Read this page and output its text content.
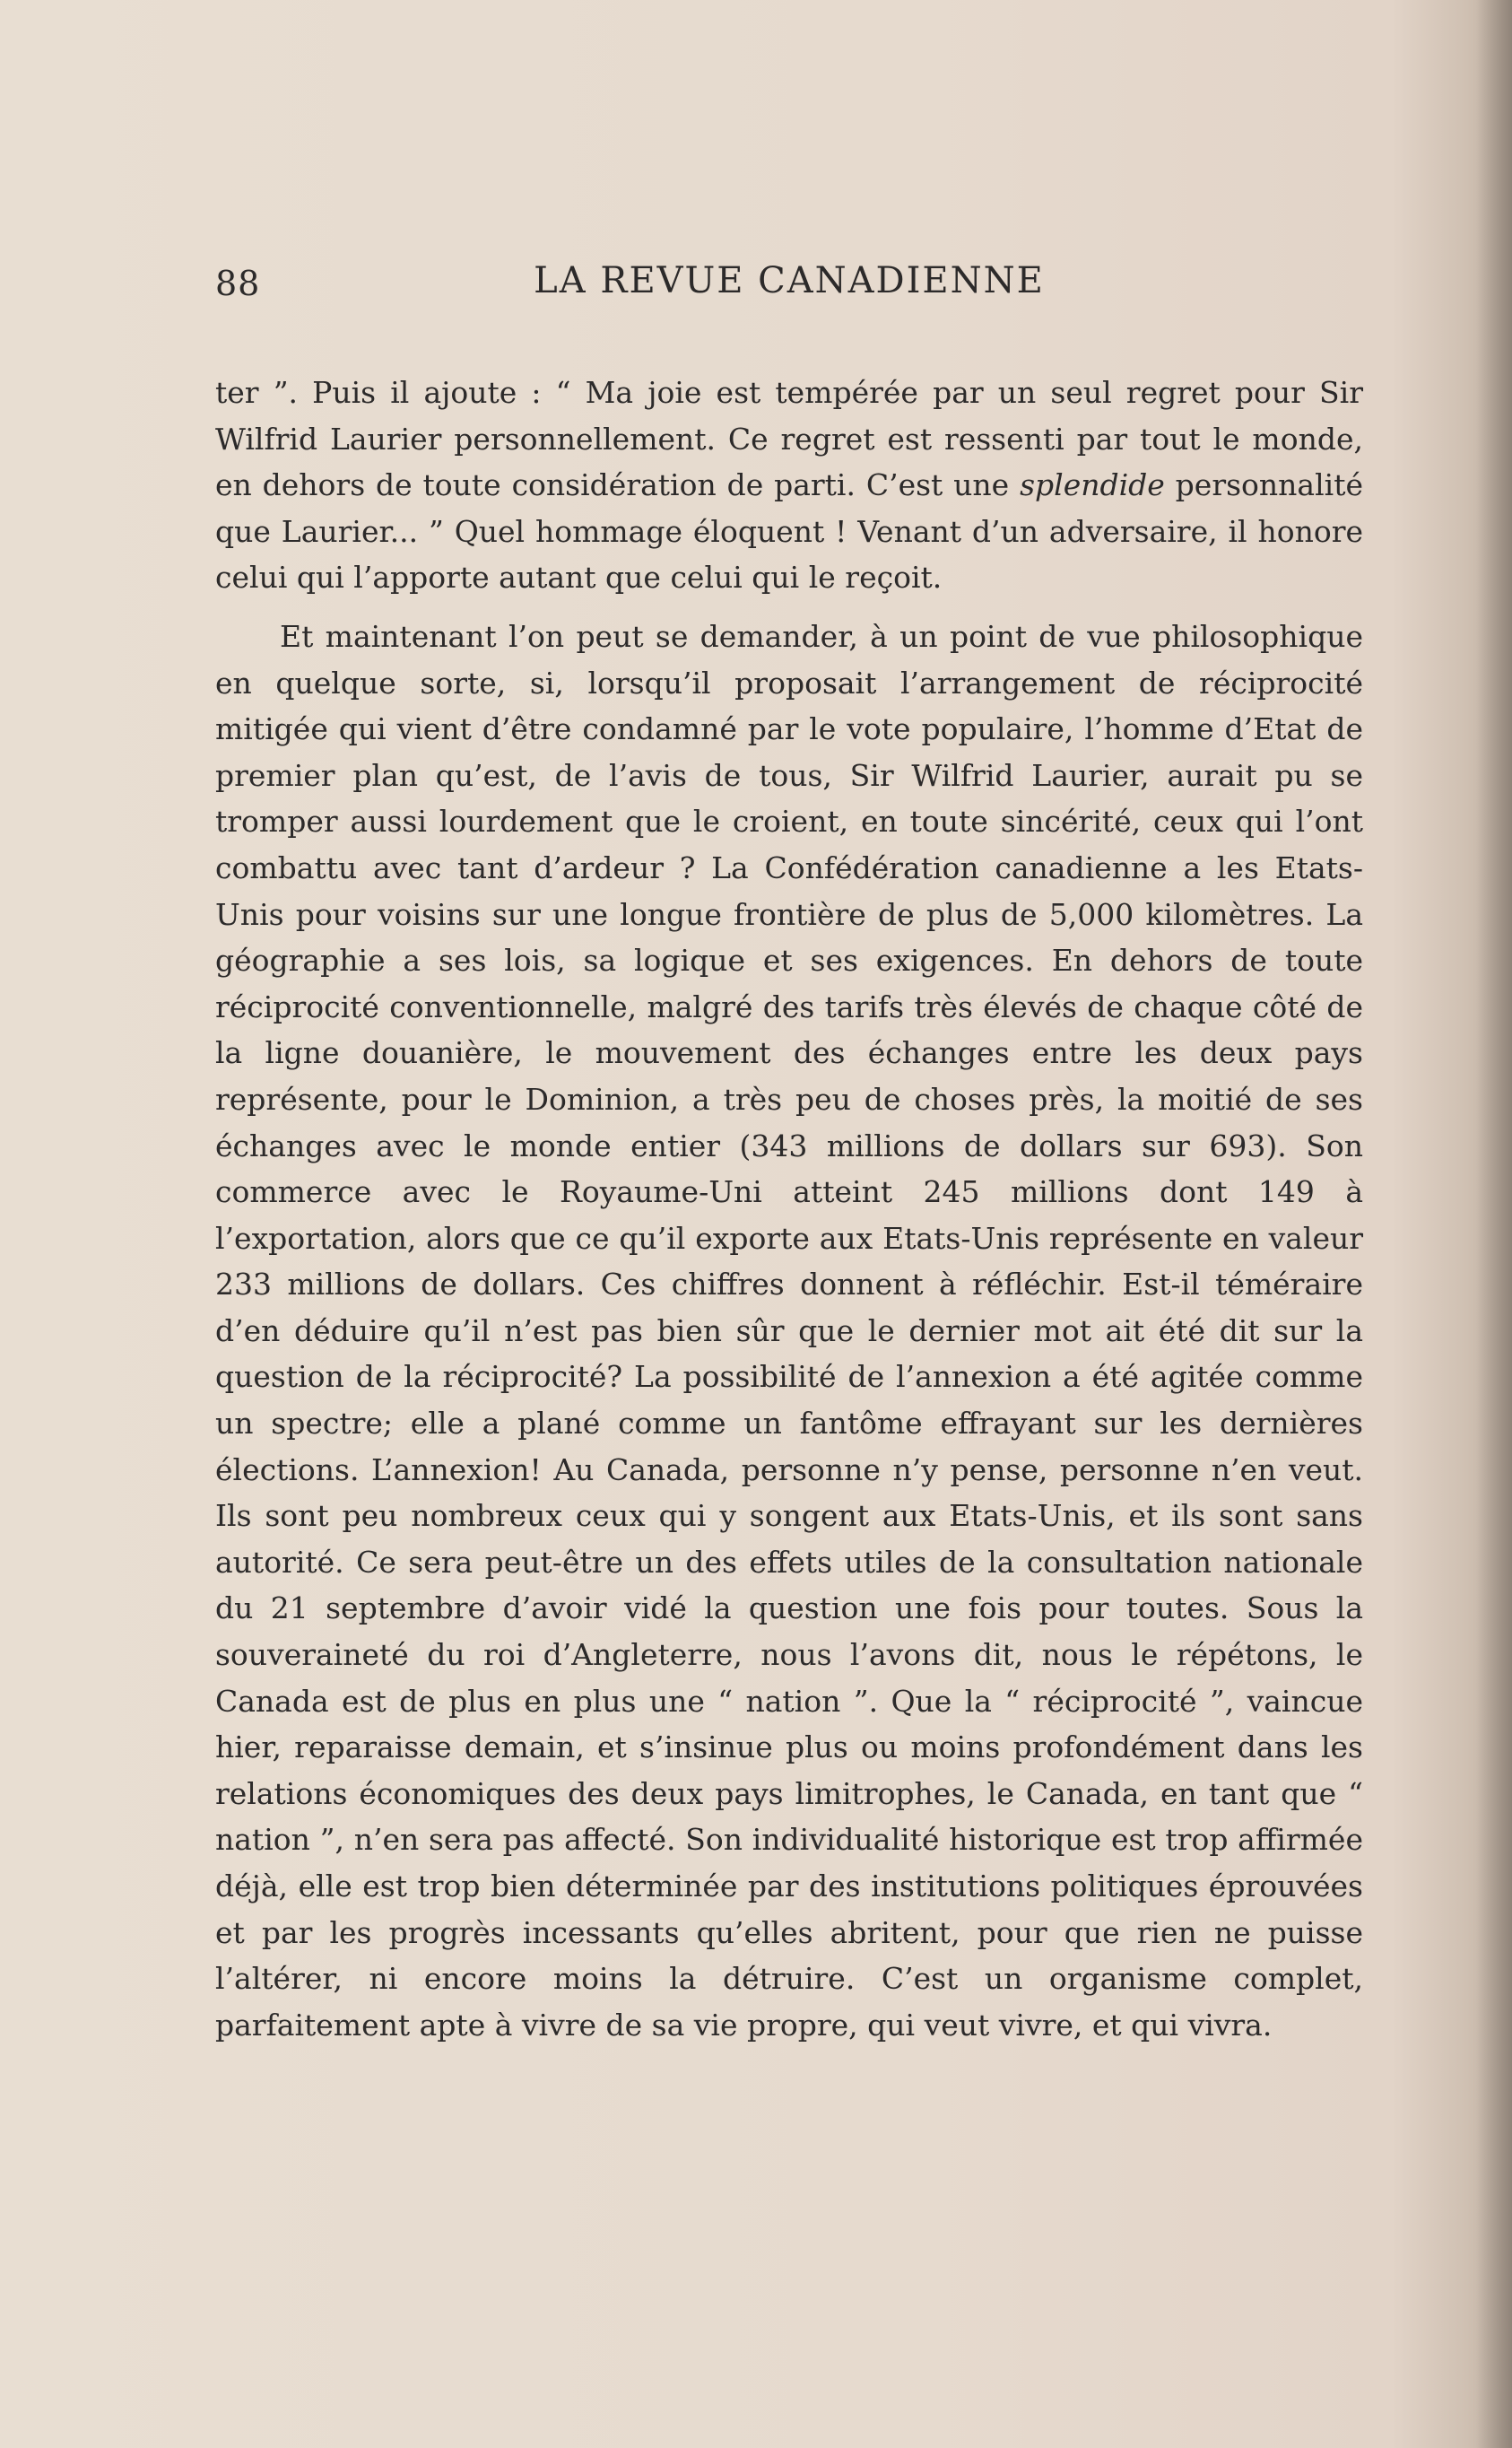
LA REVUE CANADIENNE
88

ter ”. Puis il ajoute : “ Ma joie est tempérée par un seul regret pour Sir Wilfrid Laurier personnellement. Ce regret est ressenti par tout le monde, en dehors de toute considération de parti. C’est une splendide personnalité que Laurier... ” Quel hommage éloquent ! Venant d’un adversaire, il honore celui qui l’apporte autant que celui qui le reçoit.

Et maintenant l’on peut se demander, à un point de vue philosophique en quelque sorte, si, lorsqu’il proposait l’arrangement de réciprocité mitigée qui vient d’être condamné par le vote populaire, l’homme d’Etat de premier plan qu’est, de l’avis de tous, Sir Wilfrid Laurier, aurait pu se tromper aussi lourdement que le croient, en toute sincérité, ceux qui l’ont combattu avec tant d’ardeur ? La Confédération canadienne a les Etats-Unis pour voisins sur une longue frontière de plus de 5,000 kilomètres. La géographie a ses lois, sa logique et ses exigences. En dehors de toute réciprocité conventionnelle, malgré des tarifs très élevés de chaque côté de la ligne douanière, le mouvement des échanges entre les deux pays représente, pour le Dominion, a très peu de choses près, la moitié de ses échanges avec le monde entier (343 millions de dollars sur 693). Son commerce avec le Royaume-Uni atteint 245 millions dont 149 à l’exportation, alors que ce qu’il exporte aux Etats-Unis représente en valeur 233 millions de dollars. Ces chiffres donnent à réfléchir. Est-il téméraire d’en déduire qu’il n’est pas bien sûr que le dernier mot ait été dit sur la question de la réciprocité? La possibilité de l’annexion a été agitée comme un spectre; elle a plané comme un fantôme effrayant sur les dernières élections. L’annexion! Au Canada, personne n’y pense, personne n’en veut. Ils sont peu nombreux ceux qui y songent aux Etats-Unis, et ils sont sans autorité. Ce sera peut-être un des effets utiles de la consultation nationale du 21 septembre d’avoir vidé la question une fois pour toutes. Sous la souveraineté du roi d’Angleterre, nous l’avons dit, nous le répétons, le Canada est de plus en plus une “ nation ”. Que la “ réciprocité ”, vaincue hier, reparaisse demain, et s’insinue plus ou moins profondément dans les relations économiques des deux pays limitrophes, le Canada, en tant que “ nation ”, n’en sera pas affecté. Son individualité historique est trop affirmée déjà, elle est trop bien déterminée par des institutions politiques éprouvées et par les progrès incessants qu’elles abritent, pour que rien ne puisse l’altérer, ni encore moins la détruire. C’est un organisme complet, parfaitement apte à vivre de sa vie propre, qui veut vivre, et qui vivra.
